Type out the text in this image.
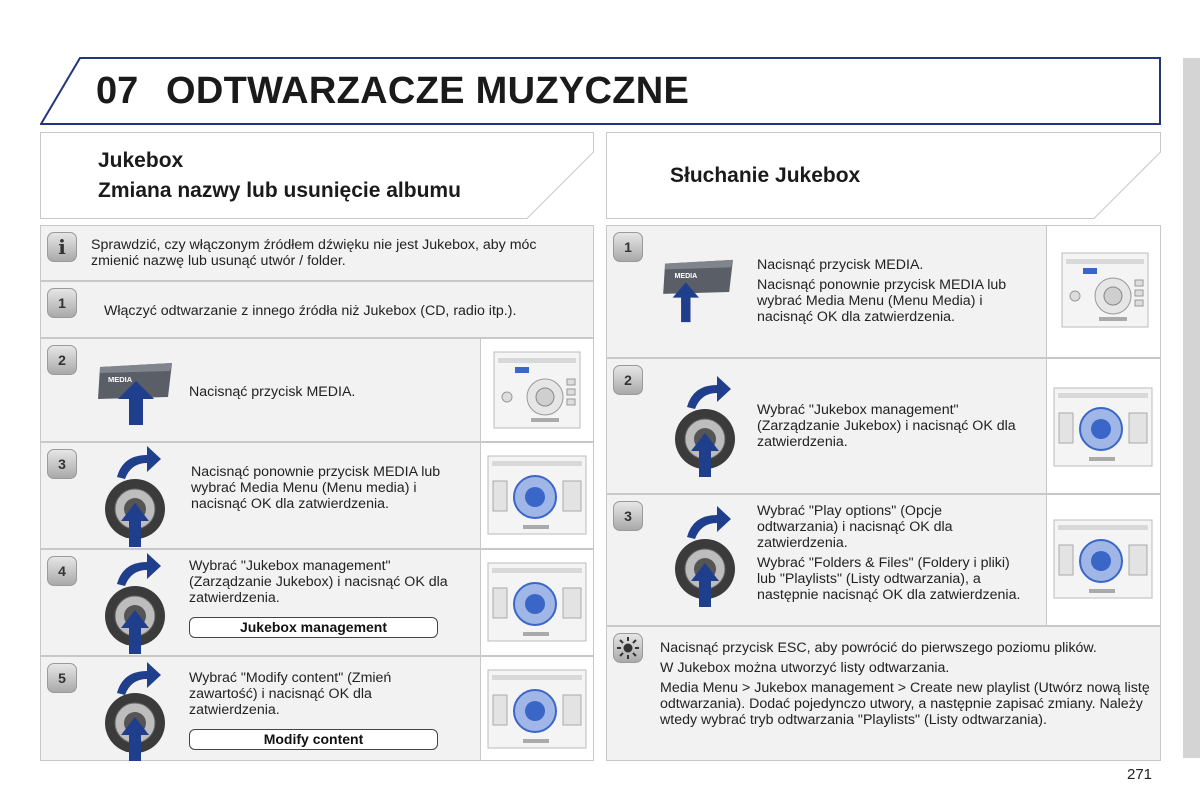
07 ODTWARZACZE MUZYCZNE
Jukebox
Zmiana nazwy lub usunięcie albumu
Słuchanie Jukebox
i	Sprawdzić, czy włączonym źródłem dźwięku nie jest Jukebox, aby móc zmienić nazwę lub usunąć utwór / folder.
1	Włączyć odtwarzanie z innego źródła niż Jukebox (CD, radio itp.).
2
MEDIA
Nacisnąć przycisk MEDIA.
3	Nacisnąć ponownie przycisk MEDIA lub wybrać Media Menu (Menu media) i nacisnąć OK dla zatwierdzenia.
4	Wybrać "Jukebox management" (Zarządzanie Jukebox) i nacisnąć OK dla zatwierdzenia.
Jukebox management
5	Wybrać "Modify content" (Zmień zawartość) i nacisnąć OK dla zatwierdzenia.
Modify content
1
MEDIA

Nacisnąć przycisk MEDIA.

Nacisnąć ponownie przycisk MEDIA lub wybrać Media Menu (Menu Media) i nacisnąć OK dla zatwierdzenia.

2
Wybrać "Jukebox management" (Zarządzanie Jukebox) i nacisnąć OK dla zatwierdzenia.
3	Wybrać "Play options" (Opcje odtwarzania) i nacisnąć OK dla zatwierdzenia.

Wybrać "Folders & Files" (Foldery i pliki) lub "Playlists" (Listy odtwarzania), a następnie nacisnąć OK dla zatwierdzenia.

Nacisnąć przycisk ESC, aby powrócić do pierwszego poziomu plików.

W Jukebox można utworzyć listy odtwarzania.

Media Menu > Jukebox management > Create new playlist (Utwórz nową listę odtwarzania). Dodać pojedynczo utwory, a następnie zapisać zmiany. Należy wtedy wybrać tryb odtwarzania "Playlists" (Listy odtwarzania).

271
